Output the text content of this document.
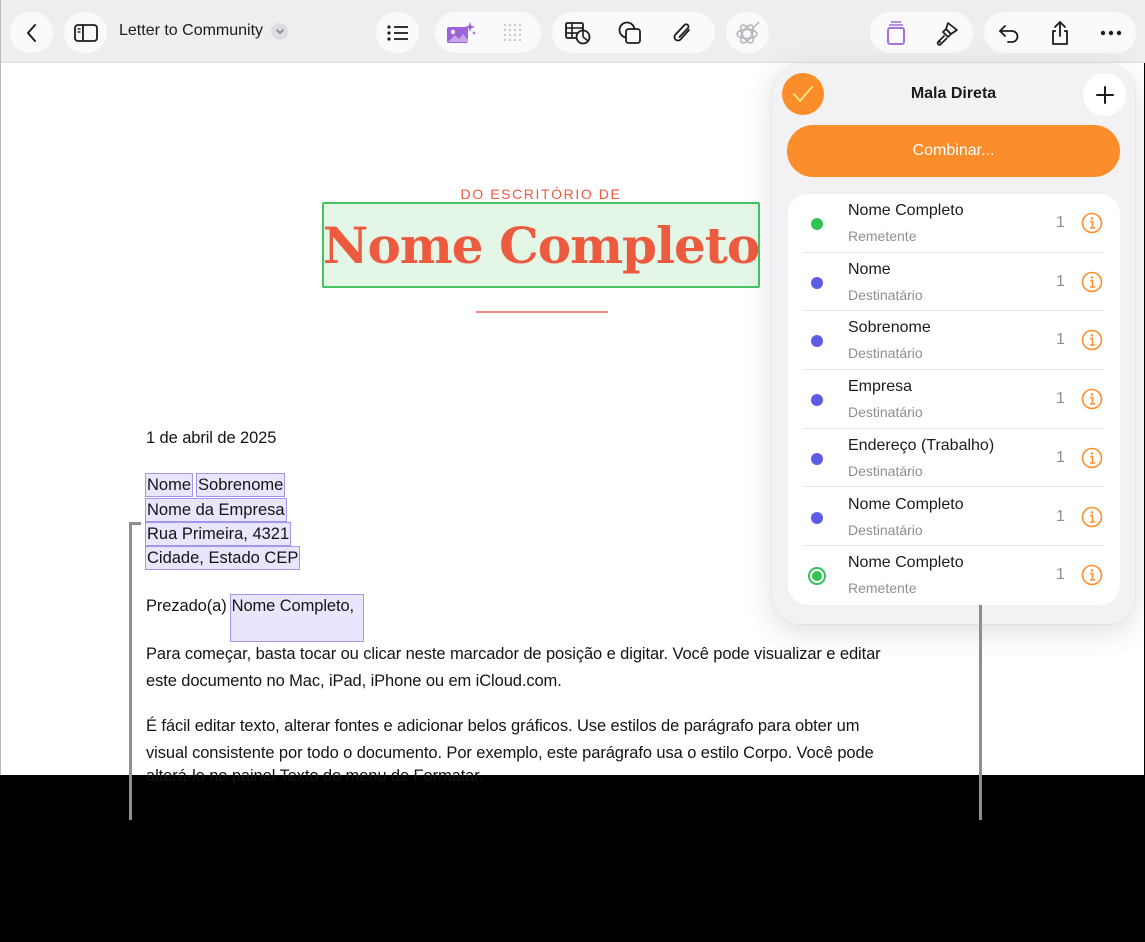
Letter to Community
DO ESCRITÓRIO DE
Nome Completo
1 de abril de 2025
Nome Sobrenome
Nome da Empresa
Rua Primeira, 4321
Cidade, Estado CEP
Prezado(a) Nome Completo,
Para começar, basta tocar ou clicar neste marcador de posição e digitar. Você pode visualizar e editar
este documento no Mac, iPad, iPhone ou em iCloud.com.
É fácil editar texto, alterar fontes e adicionar belos gráficos. Use estilos de parágrafo para obter um
visual consistente por todo o documento. Por exemplo, este parágrafo usa o estilo Corpo. Você pode
alterá-lo no painel Texto do menu de Formatar.
Mala Direta
Combinar...
Nome Completo
Remetente
1
Nome
Destinatário
1
Sobrenome
Destinatário
1
Empresa
Destinatário
1
Endereço (Trabalho)
Destinatário
1
Nome Completo
Destinatário
1
Nome Completo
Remetente
1
